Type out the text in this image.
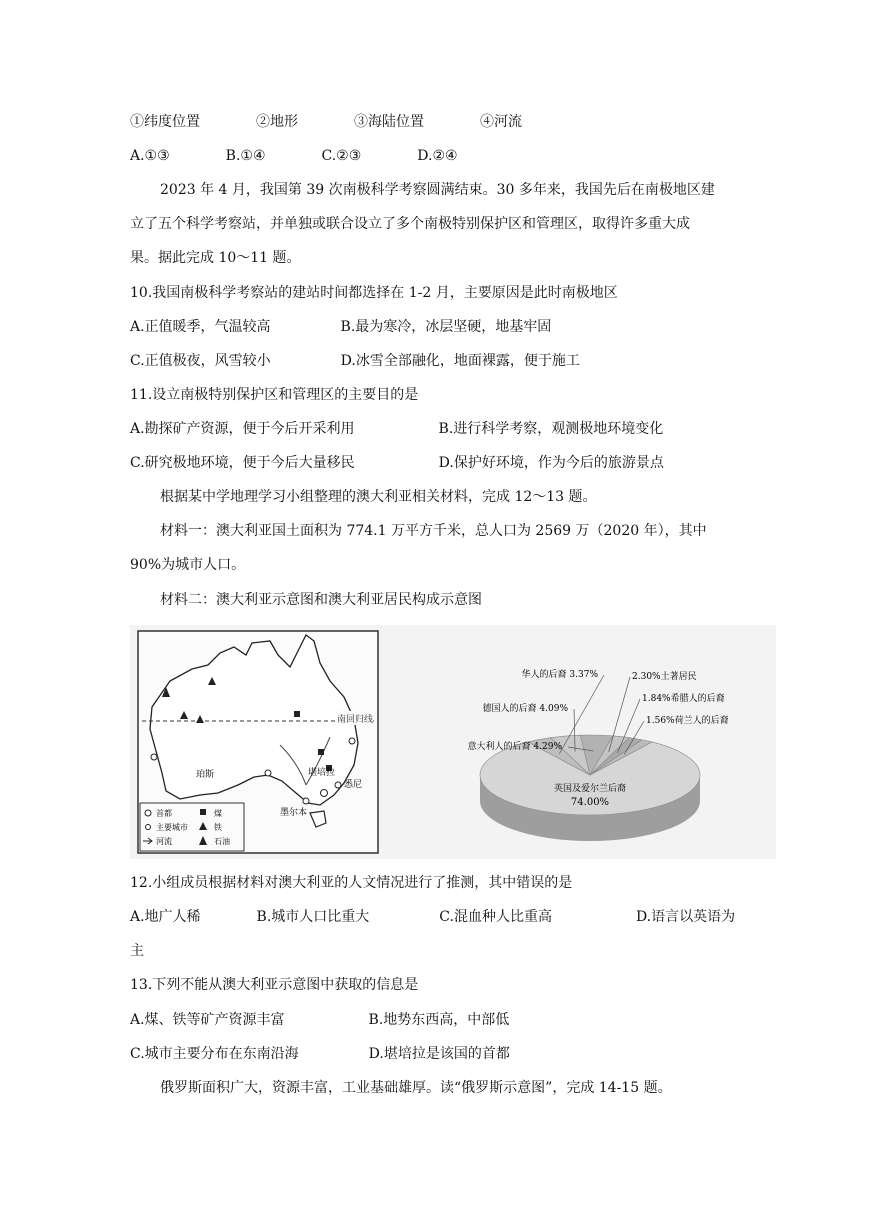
①纬度位置　　　　②地形　　　　③海陆位置　　　　④河流
A.①③　　　　B.①④　　　　C.②③　　　　D.②④
2023 年 4 月，我国第 39 次南极科学考察圆满结束。30 多年来，我国先后在南极地区建
立了五个科学考察站，并单独或联合设立了多个南极特别保护区和管理区，取得许多重大成
果。据此完成 10～11 题。
10.我国南极科学考察站的建站时间都选择在 1-2 月，主要原因是此时南极地区
A.正值暖季，气温较高　　　　　B.最为寒冷，冰层坚硬，地基牢固
C.正值极夜，风雪较小　　　　　D.冰雪全部融化，地面裸露，便于施工
11.设立南极特别保护区和管理区的主要目的是
A.勘探矿产资源，便于今后开采利用　　　　　　B.进行科学考察，观测极地环境变化
C.研究极地环境，便于今后大量移民　　　　　　D.保护好环境，作为今后的旅游景点
根据某中学地理学习小组整理的澳大利亚相关材料，完成 12～13 题。
材料一：澳大利亚国土面积为 774.1 万平方千米，总人口为 2569 万（2020 年），其中
90%为城市人口。
材料二：澳大利亚示意图和澳大利亚居民构成示意图
南回归线
珀斯	堪培拉
悉尼
墨尔本
首都
主要城市
河流
煤
铁
石油
英国及爱尔兰后裔
74.00%
华人的后裔 3.37%
德国人的后裔 4.09%
意大利人的后裔 4.29%
2.30%土著居民
1.84%希腊人的后裔
1.56%荷兰人的后裔
12.小组成员根据材料对澳大利亚的人文情况进行了推测，其中错误的是
A.地广人稀　　　　B.城市人口比重大　　　　　C.混血种人比重高　　　　　　D.语言以英语为
主
13.下列不能从澳大利亚示意图中获取的信息是
A.煤、铁等矿产资源丰富　　　　　　B.地势东西高，中部低
C.城市主要分布在东南沿海　　　　　D.堪培拉是该国的首都
俄罗斯面积广大，资源丰富，工业基础雄厚。读“俄罗斯示意图”，完成 14-15 题。
